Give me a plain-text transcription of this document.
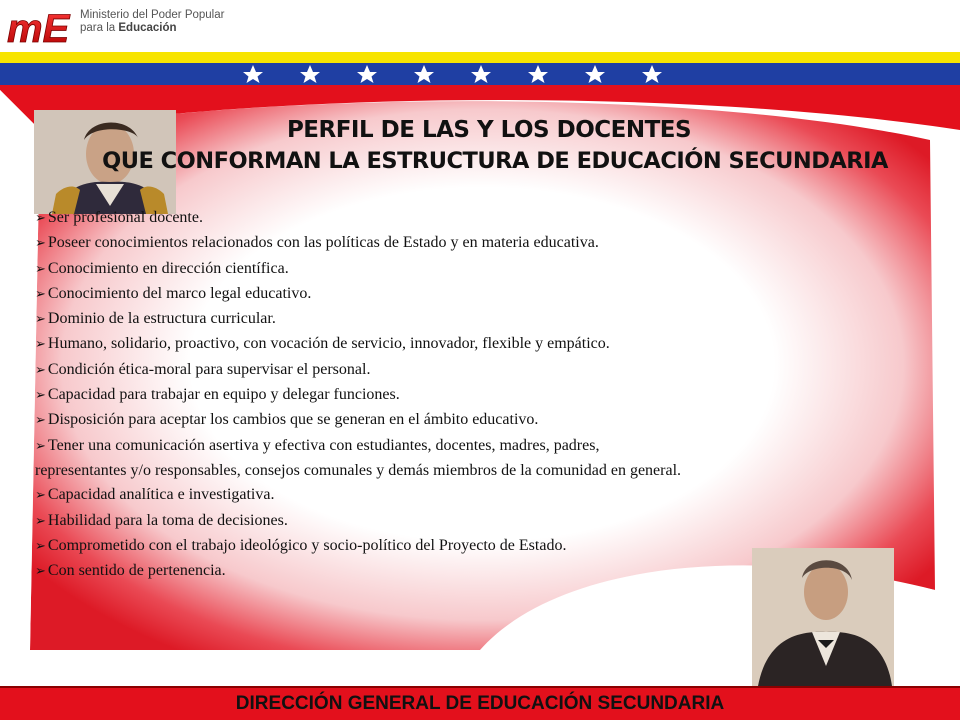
mE Ministerio del Poder Popular
para la Educación
PERFIL DE LAS Y LOS DOCENTES
QUE CONFORMAN LA ESTRUCTURA DE EDUCACIÓN SECUNDARIA
➢ Ser profesional docente.
➢ Poseer conocimientos relacionados con las políticas de Estado y en materia educativa.
➢ Conocimiento en dirección científica.
➢ Conocimiento del marco legal educativo.
➢ Dominio de la estructura curricular.
➢ Humano, solidario, proactivo, con vocación de servicio, innovador, flexible y empático.
➢ Condición ética-moral para supervisar el personal.
➢ Capacidad para trabajar en equipo y delegar funciones.
➢ Disposición para aceptar los cambios que se generan en el ámbito educativo.
➢ Tener una comunicación asertiva y efectiva con estudiantes, docentes, madres, padres,
representantes y/o responsables, consejos comunales y demás miembros de la comunidad en general.
➢ Capacidad analítica e investigativa.
➢ Habilidad para la toma de decisiones.
➢ Comprometido con el trabajo ideológico y socio-político del Proyecto de Estado.
➢ Con sentido de pertenencia.
DIRECCIÓN GENERAL DE EDUCACIÓN SECUNDARIA
